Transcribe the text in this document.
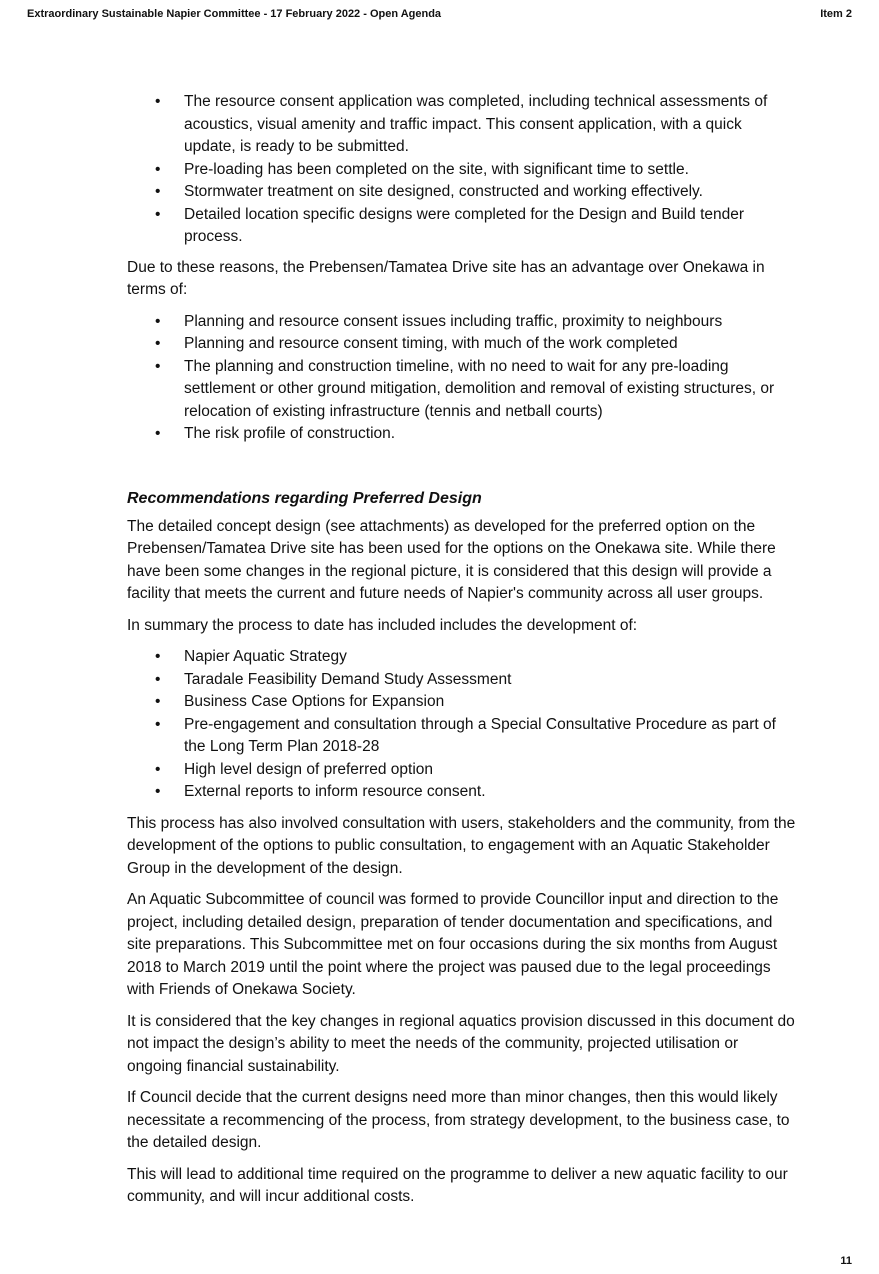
Extraordinary Sustainable Napier Committee - 17 February 2022 - Open Agenda	Item 2
• The resource consent application was completed, including technical assessments of acoustics, visual amenity and traffic impact. This consent application, with a quick update, is ready to be submitted.
• Pre-loading has been completed on the site, with significant time to settle.
• Stormwater treatment on site designed, constructed and working effectively.
• Detailed location specific designs were completed for the Design and Build tender process.

Due to these reasons, the Prebensen/Tamatea Drive site has an advantage over Onekawa in terms of:

• Planning and resource consent issues including traffic, proximity to neighbours
• Planning and resource consent timing, with much of the work completed
• The planning and construction timeline, with no need to wait for any pre-loading settlement or other ground mitigation, demolition and removal of existing structures, or relocation of existing infrastructure (tennis and netball courts)
• The risk profile of construction.
Recommendations regarding Preferred Design

The detailed concept design (see attachments) as developed for the preferred option on the Prebensen/Tamatea Drive site has been used for the options on the Onekawa site. While there have been some changes in the regional picture, it is considered that this design will provide a facility that meets the current and future needs of Napier's community across all user groups.

In summary the process to date has included includes the development of:

• Napier Aquatic Strategy
• Taradale Feasibility Demand Study Assessment
• Business Case Options for Expansion
• Pre-engagement and consultation through a Special Consultative Procedure as part of the Long Term Plan 2018-28
• High level design of preferred option
• External reports to inform resource consent.

This process has also involved consultation with users, stakeholders and the community, from the development of the options to public consultation, to engagement with an Aquatic Stakeholder Group in the development of the design.

An Aquatic Subcommittee of council was formed to provide Councillor input and direction to the project, including detailed design, preparation of tender documentation and specifications, and site preparations. This Subcommittee met on four occasions during the six months from August 2018 to March 2019 until the point where the project was paused due to the legal proceedings with Friends of Onekawa Society.

It is considered that the key changes in regional aquatics provision discussed in this document do not impact the design’s ability to meet the needs of the community, projected utilisation or ongoing financial sustainability.

If Council decide that the current designs need more than minor changes, then this would likely necessitate a recommencing of the process, from strategy development, to the business case, to the detailed design.

This will lead to additional time required on the programme to deliver a new aquatic facility to our community, and will incur additional costs.

11
